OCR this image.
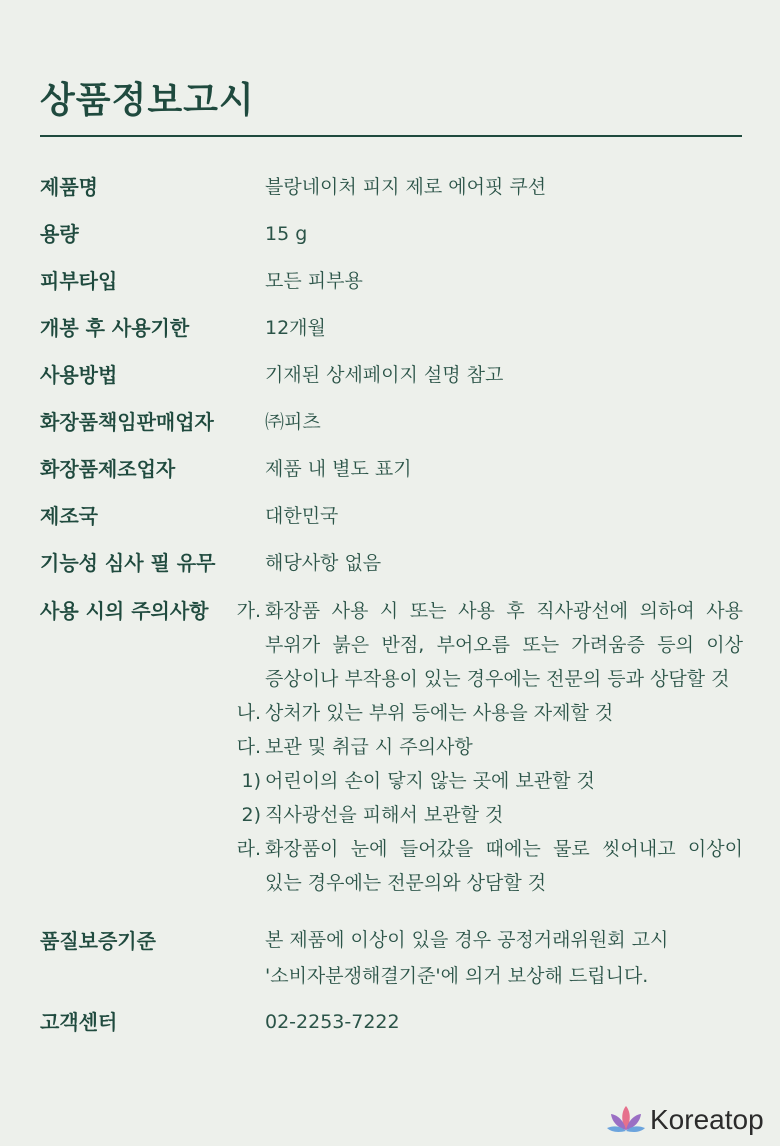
상품정보고시
제품명	블랑네이처 피지 제로 에어핏 쿠션
용량	15 g
피부타입	모든 피부용
개봉 후 사용기한	12개월
사용방법	기재된 상세페이지 설명 참고
화장품책임판매업자	㈜피츠
화장품제조업자	제품 내 별도 표기
제조국	대한민국
기능성 심사 필 유무	해당사항 없음
사용 시의 주의사항	가. 화장품 사용 시 또는 사용 후 직사광선에 의하여 사용
부위가 붉은 반점, 부어오름 또는 가려움증 등의 이상
증상이나 부작용이 있는 경우에는 전문의 등과 상담할 것
나. 상처가 있는 부위 등에는 사용을 자제할 것
다. 보관 및 취급 시 주의사항
1) 어린이의 손이 닿지 않는 곳에 보관할 것
2) 직사광선을 피해서 보관할 것
라. 화장품이 눈에 들어갔을 때에는 물로 씻어내고 이상이
있는 경우에는 전문의와 상담할 것
품질보증기준	본 제품에 이상이 있을 경우 공정거래위원회 고시
'소비자분쟁해결기준'에 의거 보상해 드립니다.
고객센터	02-2253-7222
Koreatop
